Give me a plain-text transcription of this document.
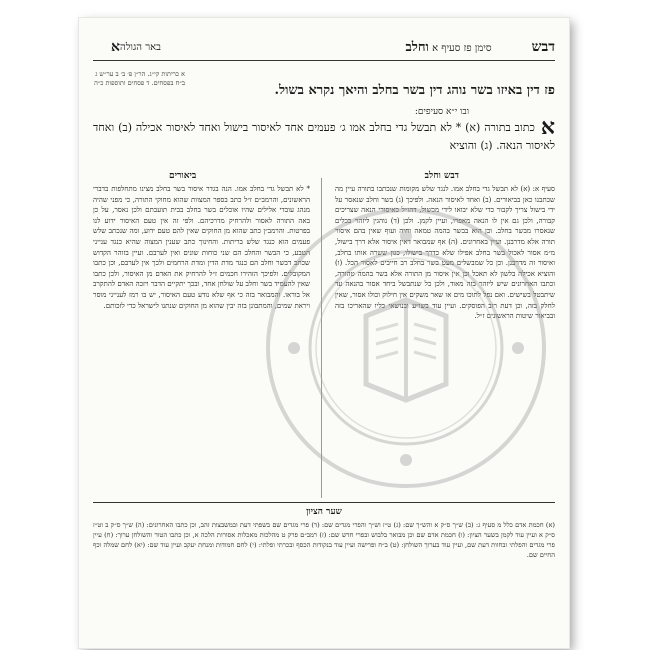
דבש
סימן פז סעיף א וחלב
באר הגולה
א
א כריתות קי״ג. הר״ן פ׳ ב׳ ב ער״ש ג ב״ח בפסחים. ד פסחים ותוספות כ״ה	פז דין באיזו בשר נוהג דין בשר בחלב והיאך נקרא בשול.
ובו י״א סעיפים:
אכתוב בתורה (א) * לא תבשל גדי בחלב אמו ג׳ פעמים אחד לאיסור בישול ואחד לאיסור אכילה (ב) ואחד לאיסור הנאה. (ג) והוציא
דבש וחלב
ביאורים

סעיף א: (א) לא תבשל גדי בחלב אמו. לנגד שלש מקומות שנכתבו בתורה עיין מה שכתבנו כאן בביאורים. (ב) ואחד לאיסור הנאה. ולפיכך (ג) בשר וחלב שנאסר על ידי בישול צריך לקבור כדי שלא יבואו לידי מכשול, דהו״ל כאיסורי הנאה שצריכים קבורה, ולכן גם אין לו הנאה מאפרו, ועיין לקמן. ולכן (ד) נוהגין ליזהר בכלים שנאסרו מבשר בחלב. וכן הוא בבשר בהמה טמאה וחיה ועוף שאין בהם איסור תורה אלא מדרבנן. ועיין באחרונים. (ה) אף שמבואר דאין איסור אלא דרך בישול, מ״מ אסור לאכול בשר בחלב אפילו שלא כדרך בישולו, כגון ששרה אותו בחלב, ואיסור זה מדרבנן. וכן כל שמבשלים מעט בשר בחלב רב חייבים לאסור הכל. (ו) והוציא אכילה בלשון לא תאכל וכן אין איסור מן התורה אלא בשר בהמה טהורה, וכתבו האחרונים שיש ליזהר בזה מאוד, ולכן כל שנתבשל ביחד אסור בהנאה עד שיתבטל בשישים. ואם נפל לתוכו מים או שאר משקים אין חילוק וכולו אסור, שאין לחלק בזה, וכן דעת רוב הפוסקים. ועיין עוד בשו״ע ובנושאי כליו שהאריכו בזה ובביאור שיטות הראשונים ז״ל.

* לא תבשל גדי בחלב אמו. הנה בגדר איסור בשר בחלב מצינו מתחלפות בדברי הראשונים, והרמב״ם ז״ל כתב בספר המצוות שהוא מחוקי התורה, כי מפני שהיה מנהג עובדי אלילים שהיו אוכלים בשר בחלב בבית תועבתם ולכן נאסר, על כן באה התורה לאסור ולהרחיק מדרכיהם. ולפי זה אין טעם האיסור ידוע לנו בפרטות. והרמב״ן כתב שהוא מן החוקים שאין להם טעם ידוע, ומה שנכתב שלש פעמים הוא כנגד שלש בריתות. והחינוך כתב שענין המצוה שהיא כנגד ענייני הטבע, כי הבשר והחלב הם שני כוחות שונים ואין לערבם. ועיין בזוהר הקדוש שכתב דבשר וחלב הם כנגד מדת הדין ומדת הרחמים ולכך אין לערבם, וכן כתבו המקובלים. ולפיכך הזהירו חכמים ז״ל להרחיק את האדם מן האיסור, ולכן כתבו שאין להעמיד בשר וחלב על שולחן אחד, ובכך יתקיים הדבר ויזכה האדם להתקרב אל בוראו. והמבואר בזה כי אף שלא נודע טעם האיסור, יש בו רמז לענייני מוסר ויראת שמים, והמתבונן בזה יבין שהוא מן החוקים שנתנו לישראל כדי לזכותם.

שער הציון
(א) חכמת אדם כלל מ סעיף ג: (ב) ש״ך ס״ק א והש״ך שם: (ג) ט״ז וש״ך והפרי מגדים שם: (ד) פרי מגדים שם בשפתי דעת ובמשבצות זהב, וכן כתבו האחרונים: (ה) ש״ך ס״ק ב וט״ז ס״ק א ועיין עוד לקמן בשער הציון: (ו) חכמת אדם שם וכן מבואר בלבוש ובפרי חדש שם: (ז) רמב״ם פרק ט מהלכות מאכלות אסורות הלכה א, וכן כתבו הטור והשולחן ערוך: (ח) עיין פרי מגדים והפלתי ובחוות דעת שם, ועיין עוד בערוך השולחן: (ט) ב״ח ופרישה ועיין עוד בנקודות הכסף ובכרתי ופלתי: (י) לחם חמודות ומנחת יעקב ועיין עוד שם: (יא) לחם שמלה וכף החיים שם.
